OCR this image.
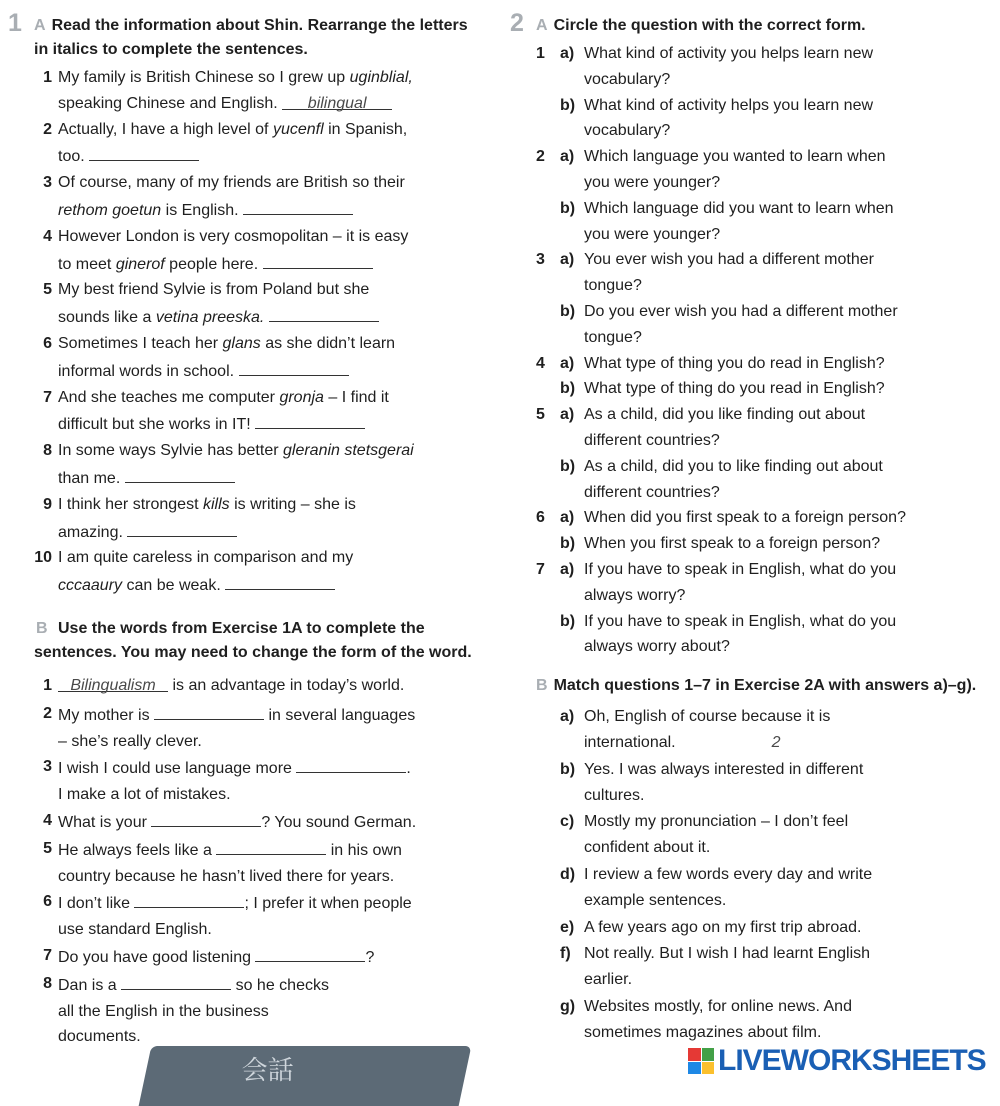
1 A Read the information about Shin. Rearrange the letters in italics to complete the sentences.
1 My family is British Chinese so I grew up uginblial,
speaking Chinese and English. bilingual
2 Actually, I have a high level of yucenfl in Spanish,
too.
3 Of course, many of my friends are British so their
rethom goetun is English.
4 However London is very cosmopolitan – it is easy
to meet ginerof people here.
5 My best friend Sylvie is from Poland but she
sounds like a vetina preeska.
6 Sometimes I teach her glans as she didn’t learn
informal words in school.
7 And she teaches me computer gronja – I find it
difficult but she works in IT!
8 In some ways Sylvie has better gleranin stetsgerai
than me.
9 I think her strongest kills is writing – she is
amazing.
10 I am quite careless in comparison and my
cccaaury can be weak.
B Use the words from Exercise 1A to complete the sentences. You may need to change the form of the word.
1 Bilingualism is an advantage in today’s world.
2 My mother is	in several languages
– she’s really clever.
3 I wish I could use language more	.
I make a lot of mistakes.
4 What is your	? You sound German.
5 He always feels like a	in his own
country because he hasn’t lived there for years.
6 I don’t like	; I prefer it when people
use standard English.
7 Do you have good listening	?
8 Dan is a	so he checks
all the English in the business
documents.
2 A Circle the question with the correct form.
1 a) What kind of activity you helps learn new
vocabulary?
b) What kind of activity helps you learn new
vocabulary?
2 a) Which language you wanted to learn when
you were younger?
b) Which language did you want to learn when
you were younger?
3 a) You ever wish you had a different mother
tongue?
b) Do you ever wish you had a different mother
tongue?
4 a) What type of thing you do read in English?
b) What type of thing do you read in English?
5 a) As a child, did you like finding out about
different countries?
b) As a child, did you to like finding out about
different countries?
6 a) When did you first speak to a foreign person?
b) When you first speak to a foreign person?
7 a) If you have to speak in English, what do you
always worry?
b) If you have to speak in English, what do you
always worry about?
B Match questions 1–7 in Exercise 2A with answers a)–g).
a) Oh, English of course because it is
international.	2
b) Yes. I was always interested in different
cultures.
c) Mostly my pronunciation – I don’t feel
confident about it.
d) I review a few words every day and write
example sentences.
e) A few years ago on my first trip abroad.
f) Not really. But I wish I had learnt English
earlier.
g) Websites mostly, for online news. And
sometimes magazines about film.
会話	LIVEWORKSHEETS
